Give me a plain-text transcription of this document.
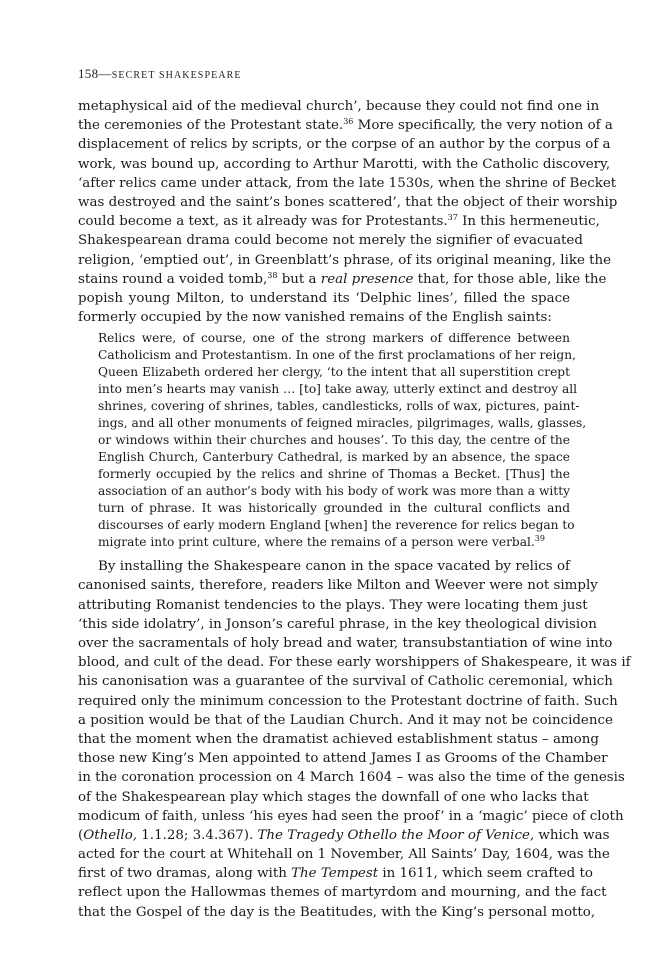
158—SECRET SHAKESPEARE
metaphysical aid of the medieval church’, because they could not find one in
the ceremonies of the Protestant state.$^{36}$ More specifically, the very notion of a
displacement of relics by scripts, or the corpse of an author by the corpus of a
work, was bound up, according to Arthur Marotti, with the Catholic discovery,
‘after relics came under attack, from the late 1530s, when the shrine of Becket
was destroyed and the saint’s bones scattered’, that the object of their worship
could become a text, as it already was for Protestants.$^{37}$ In this hermeneutic,
Shakespearean drama could become not merely the signifier of evacuated
religion, ‘emptied out’, in Greenblatt’s phrase, of its original meaning, like the
stains round a voided tomb,$^{38}$ but a real presence that, for those able, like the
popish young Milton, to understand its ‘Delphic lines’, filled the space
formerly occupied by the now vanished remains of the English saints:
Relics were, of course, one of the strong markers of difference between
Catholicism and Protestantism. In one of the first proclamations of her reign,
Queen Elizabeth ordered her clergy, ‘to the intent that all superstition crept
into men’s hearts may vanish … [to] take away, utterly extinct and destroy all
shrines, covering of shrines, tables, candlesticks, rolls of wax, pictures, paint-
ings, and all other monuments of feigned miracles, pilgrimages, walls, glasses,
or windows within their churches and houses’. To this day, the centre of the
English Church, Canterbury Cathedral, is marked by an absence, the space
formerly occupied by the relics and shrine of Thomas a Becket. [Thus] the
association of an author’s body with his body of work was more than a witty
turn of phrase. It was historically grounded in the cultural conflicts and
discourses of early modern England [when] the reverence for relics began to
migrate into print culture, where the remains of a person were verbal.$^{39}$
By installing the Shakespeare canon in the space vacated by relics of
canonised saints, therefore, readers like Milton and Weever were not simply
attributing Romanist tendencies to the plays. They were locating them just
‘this side idolatry’, in Jonson’s careful phrase, in the key theological division
over the sacramentals of holy bread and water, transubstantiation of wine into
blood, and cult of the dead. For these early worshippers of Shakespeare, it was if
his canonisation was a guarantee of the survival of Catholic ceremonial, which
required only the minimum concession to the Protestant doctrine of faith. Such
a position would be that of the Laudian Church. And it may not be coincidence
that the moment when the dramatist achieved establishment status – among
those new King’s Men appointed to attend James I as Grooms of the Chamber
in the coronation procession on 4 March 1604 – was also the time of the genesis
of the Shakespearean play which stages the downfall of one who lacks that
modicum of faith, unless ‘his eyes had seen the proof’ in a ‘magic’ piece of cloth
(Othello, 1.1.28; 3.4.367). The Tragedy Othello the Moor of Venice, which was
acted for the court at Whitehall on 1 November, All Saints’ Day, 1604, was the
first of two dramas, along with The Tempest in 1611, which seem crafted to
reflect upon the Hallowmas themes of martyrdom and mourning, and the fact
that the Gospel of the day is the Beatitudes, with the King’s personal motto,
